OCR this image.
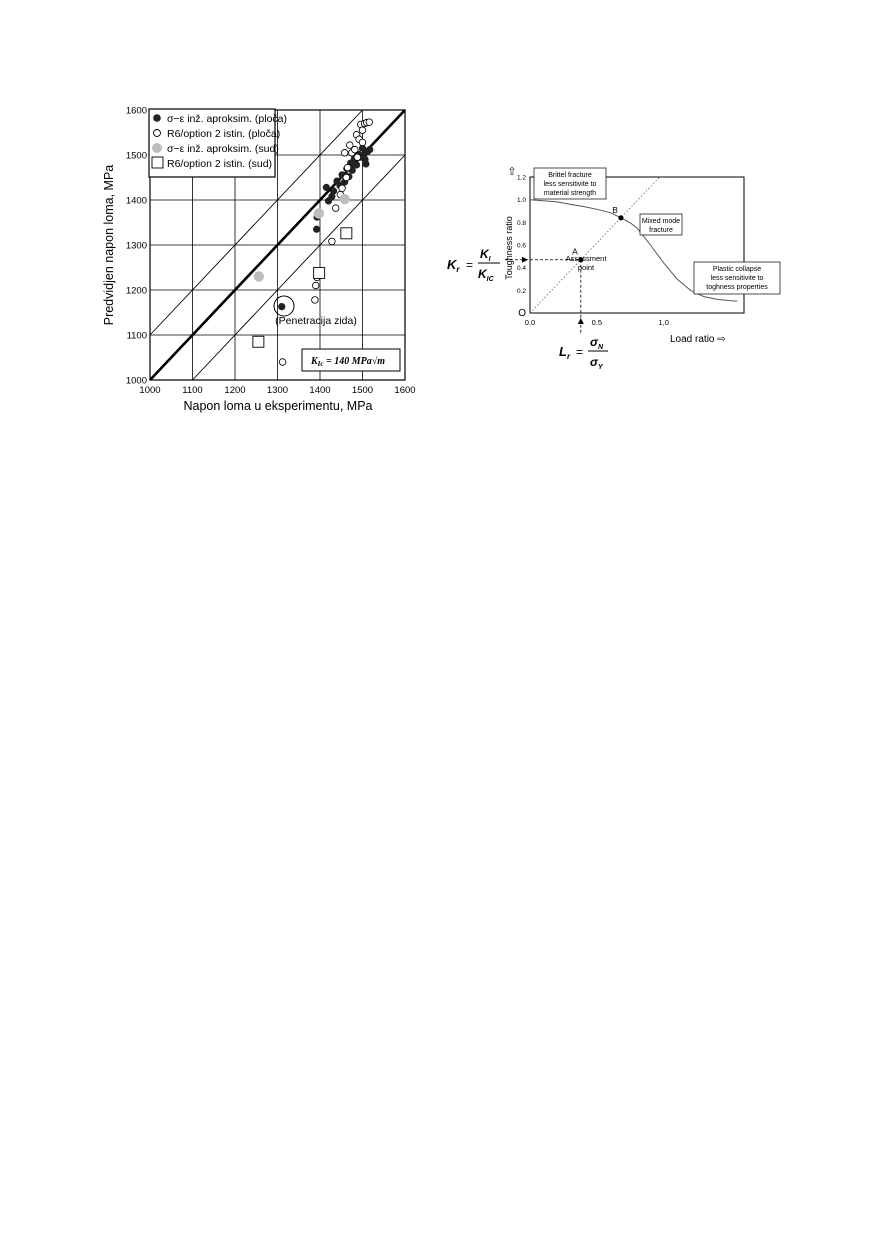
1000 1100 1200 1300 1400 1500 1600
1000
1100
1200
1300
1400
1500
1600
(Penetracija zida)
$K_{Ic} = 140$ MPa√m
σ−ε inž. aproksim. (ploča)
R6/option 2 istin. (ploča)
σ−ε inž. aproksim. (sud)
R6/option 2 istin. (sud)
Napon loma u eksperimentu, MPa
Predvidjen napon loma, MPa	0.2
0.4
0.6
0.8
1.0
1.2
0.0	0.5	1,0
O
A
B
Assessment
point
Brittel fracture
less sensitivite to
material strength
Mixed mode
fracture
Plastic collapse
less sensitivite to
toghness properties
Toughness ratio
⇧
Load ratio ⇨
$K_r$ =
$K_I$
$K_{IC}$
$L_r$ =
$\sigma_N$
$\sigma_Y$
